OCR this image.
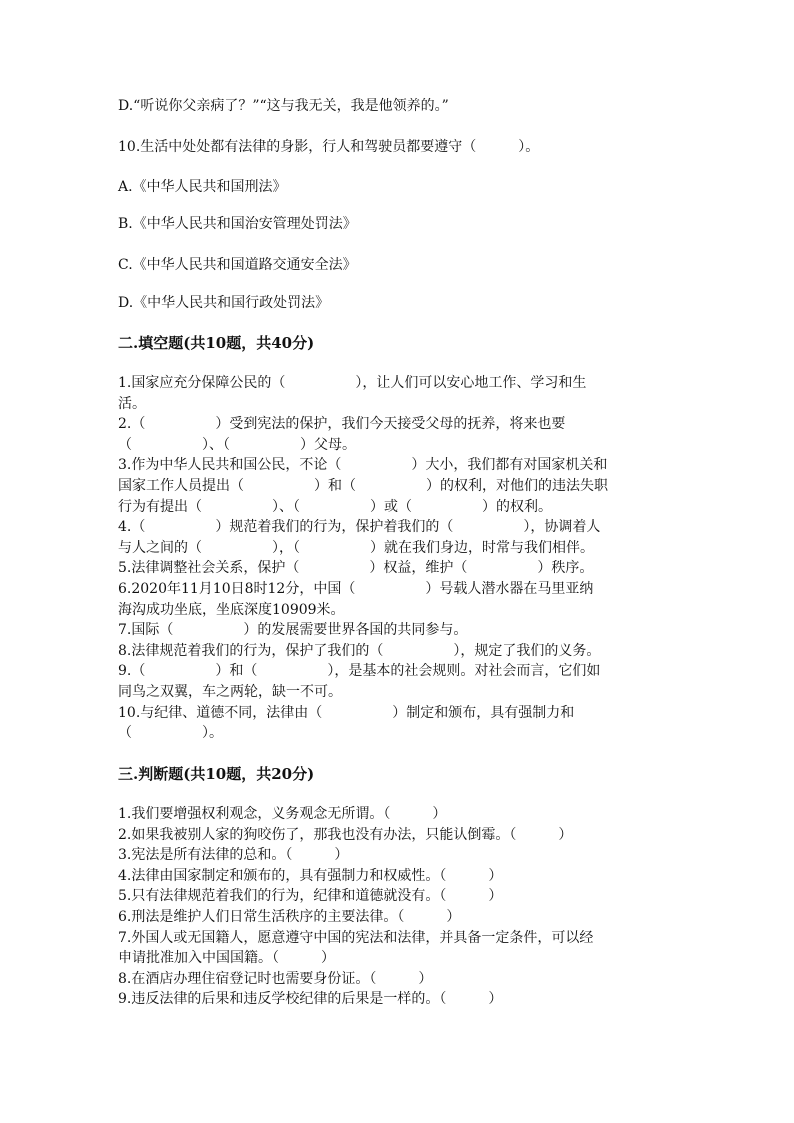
D.“听说你父亲病了？”“这与我无关，我是他领养的。”

10.生活中处处都有法律的身影，行人和驾驶员都要遵守（　　　）。

A.《中华人民共和国刑法》

B.《中华人民共和国治安管理处罚法》

C.《中华人民共和国道路交通安全法》

D.《中华人民共和国行政处罚法》

二.填空题(共10题，共40分)

1.国家应充分保障公民的（　　　　　），让人们可以安心地工作、学习和生

活。

2.（　　　　　）受到宪法的保护，我们今天接受父母的抚养，将来也要

（　　　　　）、（　　　　　）父母。

3.作为中华人民共和国公民，不论（　　　　　）大小，我们都有对国家机关和

国家工作人员提出（　　　　　）和（　　　　　）的权利，对他们的违法失职

行为有提出（　　　　　）、（　　　　　）或（　　　　　）的权利。

4.（　　　　　）规范着我们的行为，保护着我们的（　　　　　），协调着人

与人之间的（　　　　　），（　　　　　）就在我们身边，时常与我们相伴。

5.法律调整社会关系，保护（　　　　　）权益，维护（　　　　　）秩序。

6.2020年11月10日8时12分，中国（　　　　　）号载人潜水器在马里亚纳

海沟成功坐底，坐底深度10909米。

7.国际（　　　　　）的发展需要世界各国的共同参与。

8.法律规范着我们的行为，保护了我们的（　　　　　），规定了我们的义务。

9.（　　　　　）和（　　　　　），是基本的社会规则。对社会而言，它们如

同鸟之双翼，车之两轮，缺一不可。

10.与纪律、道德不同，法律由（　　　　　）制定和颁布，具有强制力和

（　　　　　）。

三.判断题(共10题，共20分)

1.我们要增强权利观念，义务观念无所谓。（　　　）

2.如果我被别人家的狗咬伤了，那我也没有办法，只能认倒霉。（　　　）

3.宪法是所有法律的总和。（　　　）

4.法律由国家制定和颁布的，具有强制力和权威性。（　　　）

5.只有法律规范着我们的行为，纪律和道德就没有。（　　　）

6.刑法是维护人们日常生活秩序的主要法律。（　　　）

7.外国人或无国籍人，愿意遵守中国的宪法和法律，并具备一定条件，可以经

申请批准加入中国国籍。（　　　）

8.在酒店办理住宿登记时也需要身份证。（　　　）

9.违反法律的后果和违反学校纪律的后果是一样的。（　　　）
